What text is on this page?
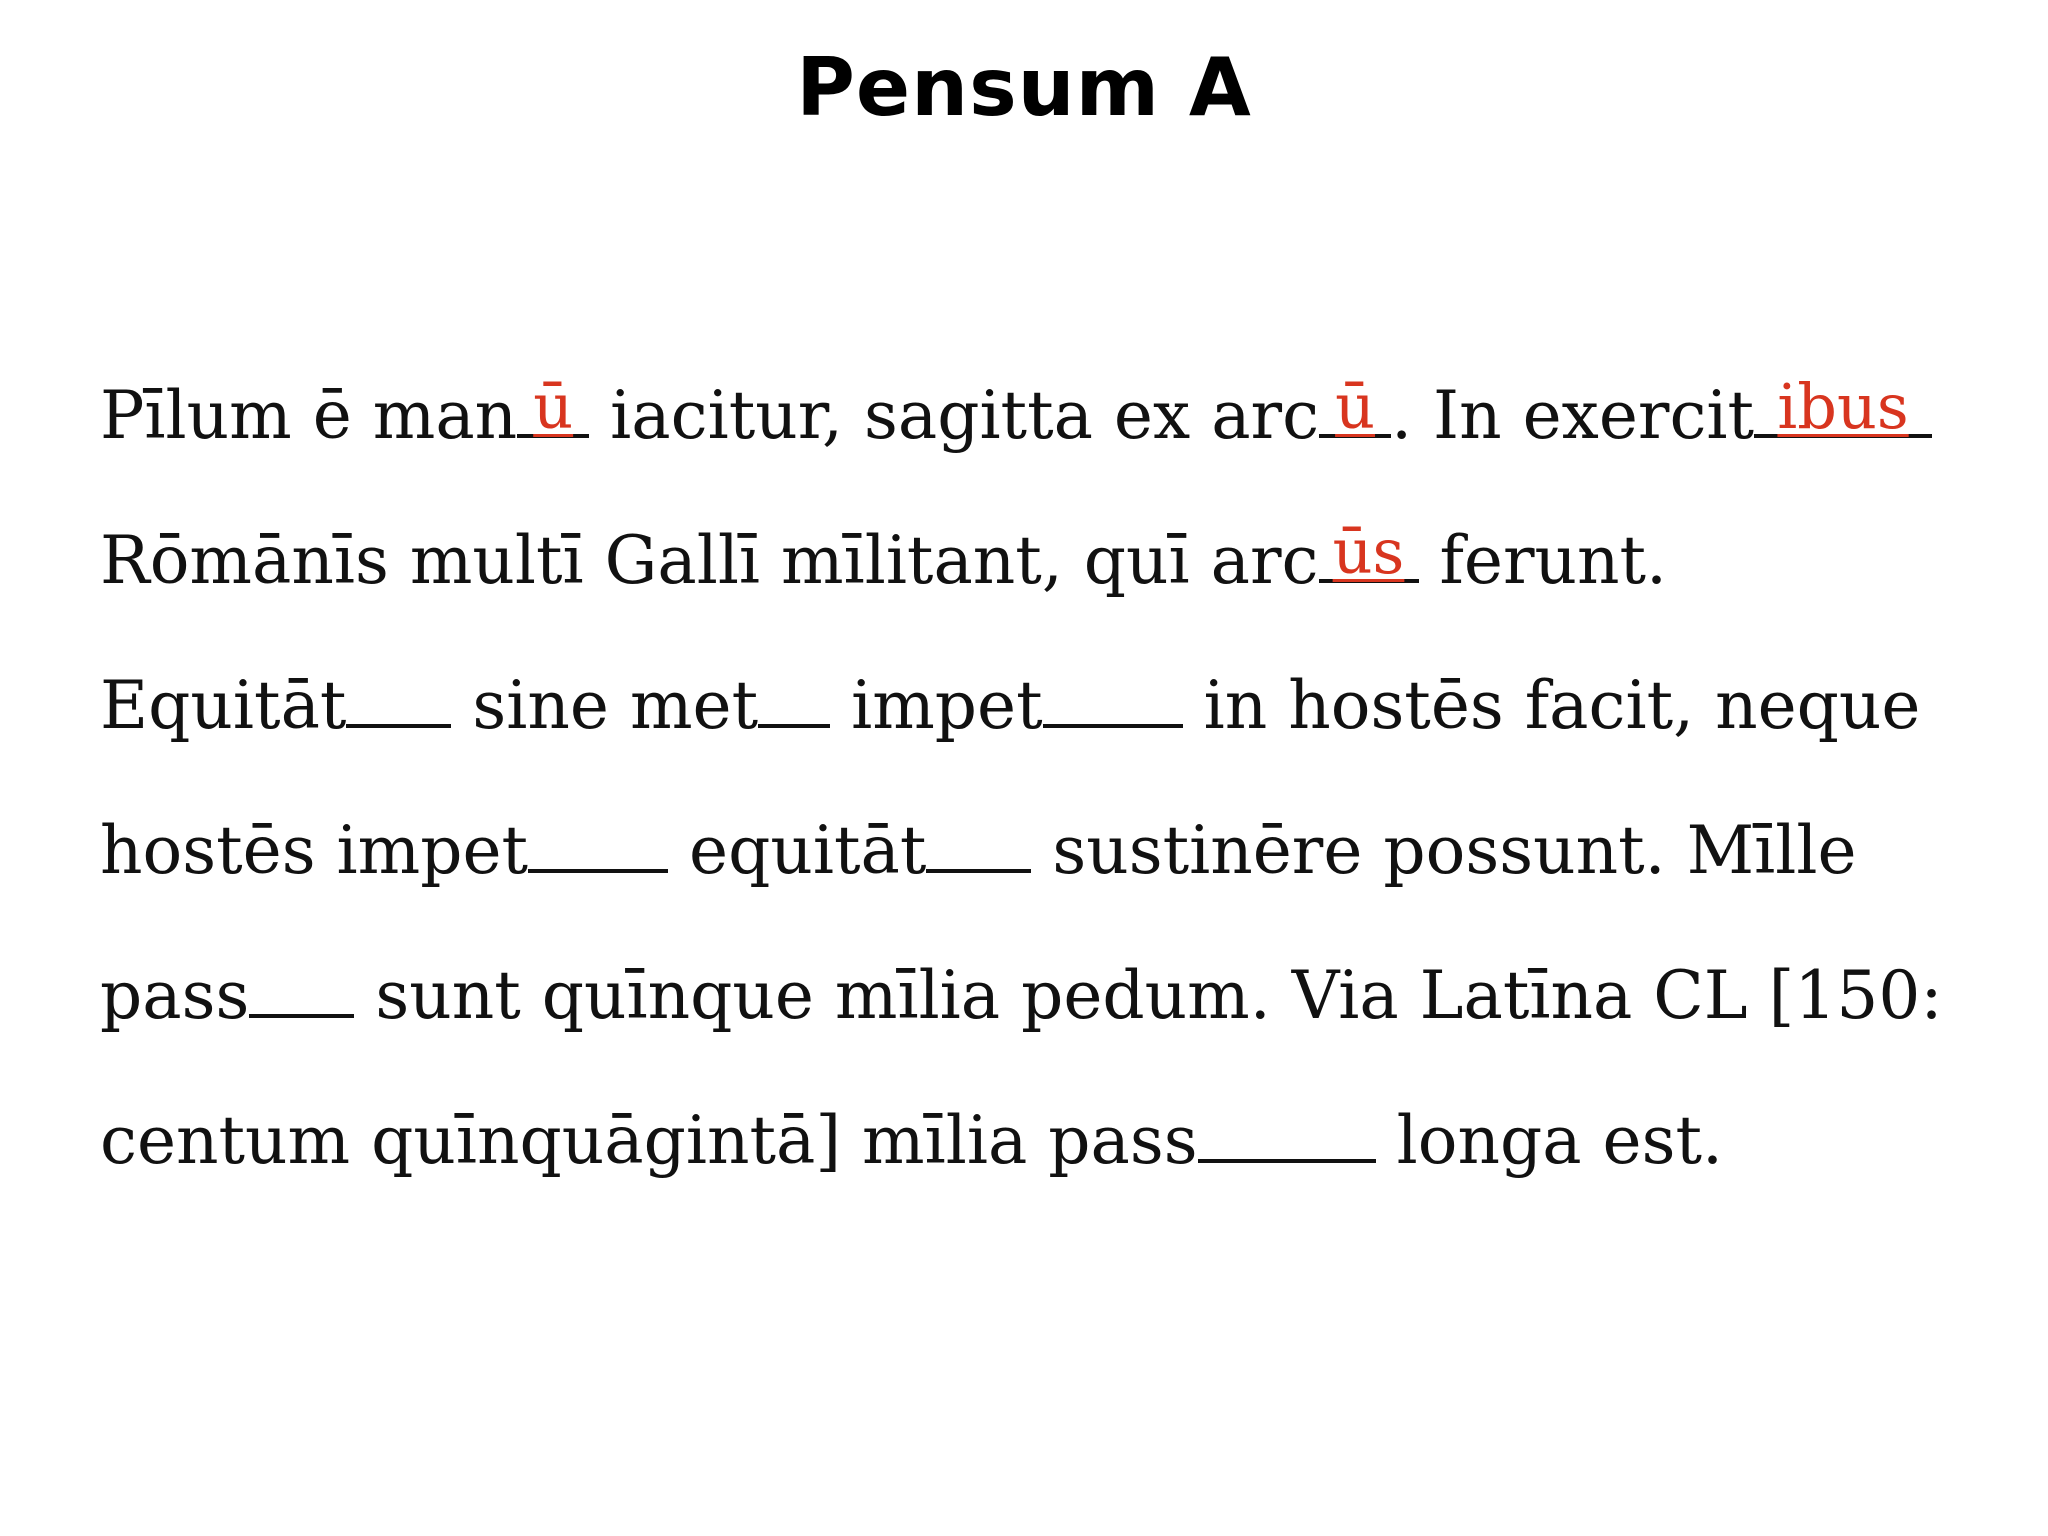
Pensum A
Pīlum ē man ū iacitur, sagitta ex arc ū . In exercit ibus
Rōmānīs multī Gallī mīlitant, quī arc ūs ferunt.
Equitāt sine met impet in hostēs facit, neque
hostēs impet equitāt sustinēre possunt. Mīlle
pass sunt quīnque mīlia pedum. Via Latīna CL [150:
centum quīnquāgintā] mīlia pass	longa est.
